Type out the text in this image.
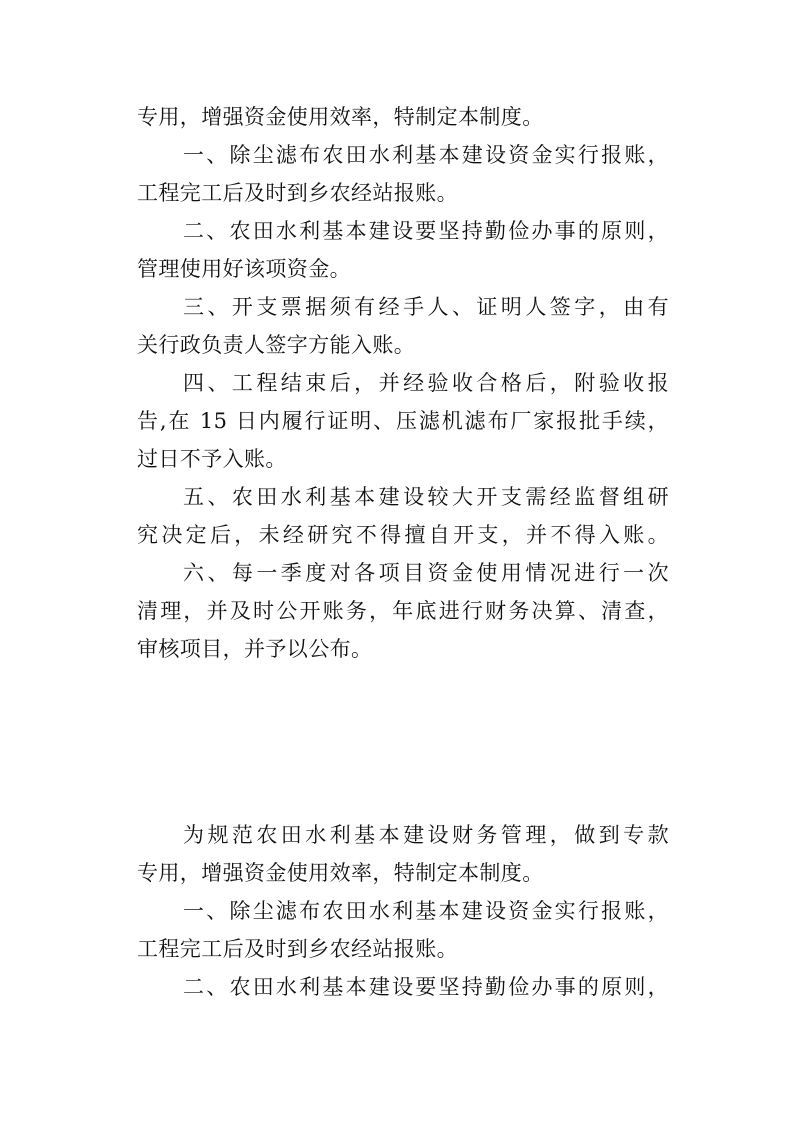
专用，增强资金使用效率，特制定本制度。
一、除尘滤布农田水利基本建设资金实行报账，
工程完工后及时到乡农经站报账。
二、农田水利基本建设要坚持勤俭办事的原则，
管理使用好该项资金。
三、开支票据须有经手人、证明人签字，由有
关行政负责人签字方能入账。
四、工程结束后，并经验收合格后，附验收报
告,在 15 日内履行证明、压滤机滤布厂家报批手续，
过日不予入账。
五、农田水利基本建设较大开支需经监督组研
究决定后，未经研究不得擅自开支，并不得入账。
六、每一季度对各项目资金使用情况进行一次
清理，并及时公开账务，年底进行财务决算、清查，
审核项目，并予以公布。
为规范农田水利基本建设财务管理，做到专款
专用，增强资金使用效率，特制定本制度。
一、除尘滤布农田水利基本建设资金实行报账，
工程完工后及时到乡农经站报账。
二、农田水利基本建设要坚持勤俭办事的原则，
